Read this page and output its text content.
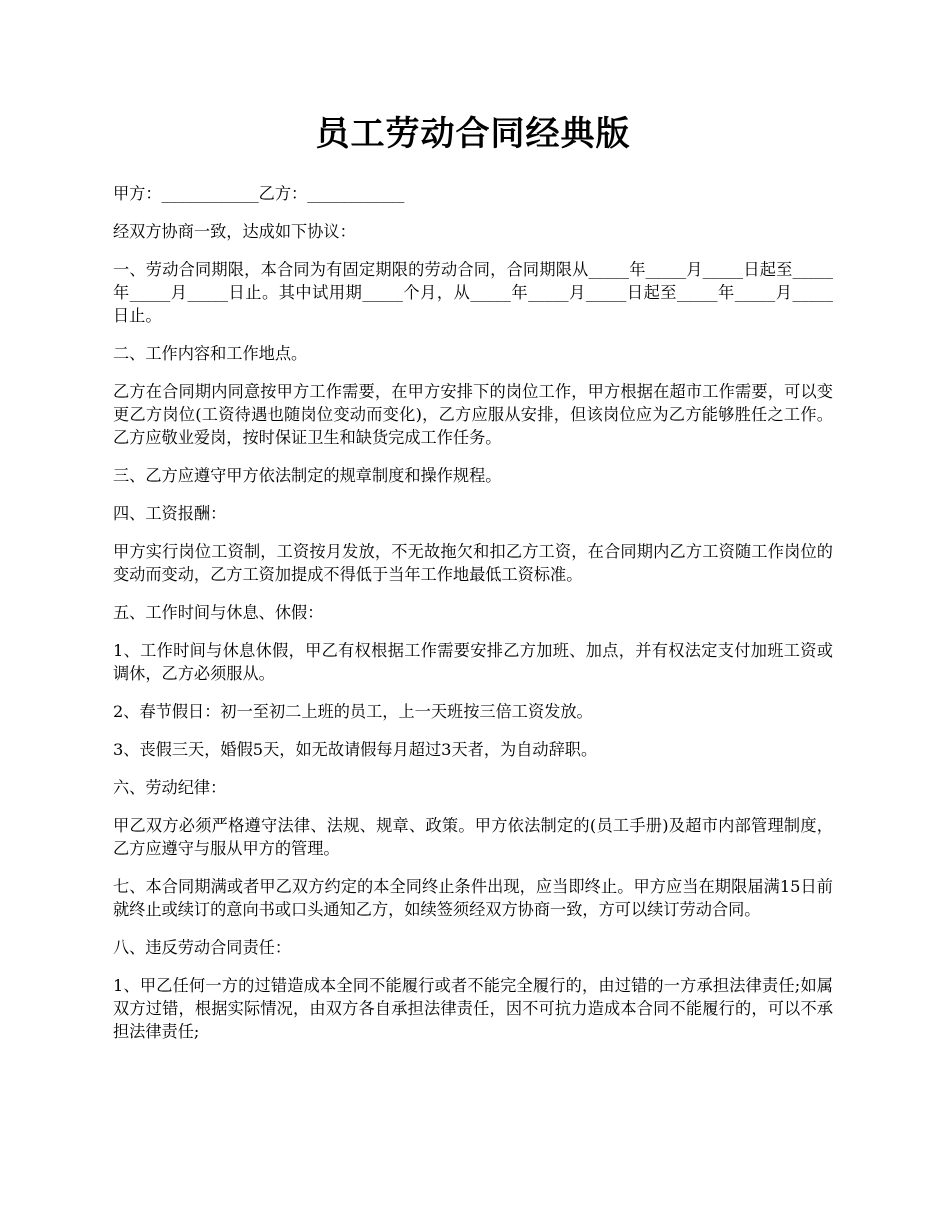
员工劳动合同经典版

甲方：____________乙方：____________

经双方协商一致，达成如下协议：

一、劳动合同期限，本合同为有固定期限的劳动合同，合同期限从_____年_____月_____日起至_____年_____月_____日止。其中试用期_____个月，从_____年_____月_____日起至_____年_____月_____日止。

二、工作内容和工作地点。

乙方在合同期内同意按甲方工作需要，在甲方安排下的岗位工作，甲方根据在超市工作需要，可以变更乙方岗位(工资待遇也随岗位变动而变化)，乙方应服从安排，但该岗位应为乙方能够胜任之工作。乙方应敬业爱岗，按时保证卫生和缺货完成工作任务。

三、乙方应遵守甲方依法制定的规章制度和操作规程。

四、工资报酬：

甲方实行岗位工资制，工资按月发放，不无故拖欠和扣乙方工资，在合同期内乙方工资随工作岗位的变动而变动，乙方工资加提成不得低于当年工作地最低工资标准。

五、工作时间与休息、休假：

1、工作时间与休息休假，甲乙有权根据工作需要安排乙方加班、加点，并有权法定支付加班工资或调休，乙方必须服从。

2、春节假日：初一至初二上班的员工，上一天班按三倍工资发放。

3、丧假三天，婚假5天，如无故请假每月超过3天者，为自动辞职。

六、劳动纪律：

甲乙双方必须严格遵守法律、法规、规章、政策。甲方依法制定的(员工手册)及超市内部管理制度，乙方应遵守与服从甲方的管理。

七、本合同期满或者甲乙双方约定的本全同终止条件出现，应当即终止。甲方应当在期限届满15日前就终止或续订的意向书或口头通知乙方，如续签须经双方协商一致，方可以续订劳动合同。

八、违反劳动合同责任：

1、甲乙任何一方的过错造成本全同不能履行或者不能完全履行的，由过错的一方承担法律责任;如属双方过错，根据实际情况，由双方各自承担法律责任，因不可抗力造成本合同不能履行的，可以不承担法律责任;
